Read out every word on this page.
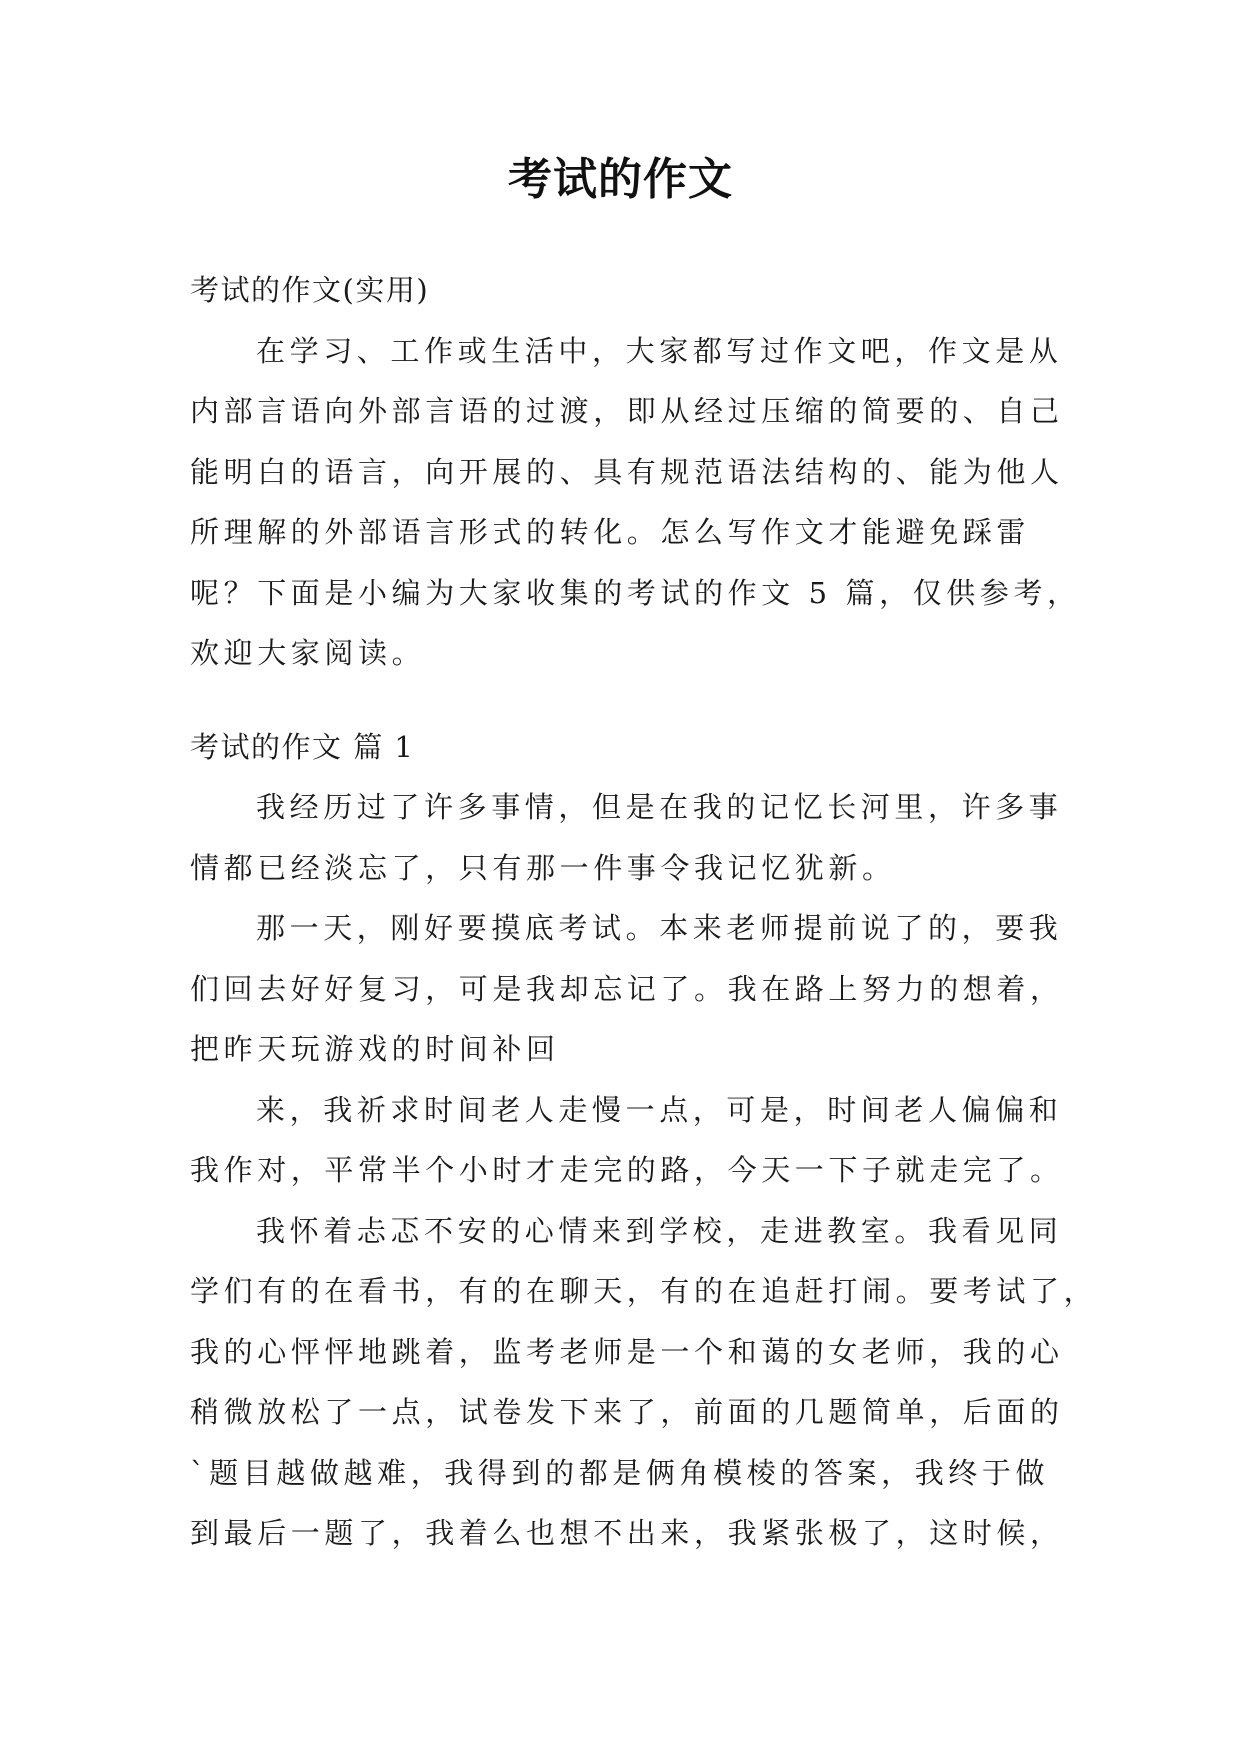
考试的作文
考试的作文(实用)
在学习、工作或生活中，大家都写过作文吧，作文是从
内部言语向外部言语的过渡，即从经过压缩的简要的、自己
能明白的语言，向开展的、具有规范语法结构的、能为他人
所理解的外部语言形式的转化。怎么写作文才能避免踩雷
呢？下面是小编为大家收集的考试的作文 5 篇，仅供参考，
欢迎大家阅读。
考试的作文 篇 1
我经历过了许多事情，但是在我的记忆长河里，许多事
情都已经淡忘了，只有那一件事令我记忆犹新。
那一天，刚好要摸底考试。本来老师提前说了的，要我
们回去好好复习，可是我却忘记了。我在路上努力的想着，
把昨天玩游戏的时间补回
来，我祈求时间老人走慢一点，可是，时间老人偏偏和
我作对，平常半个小时才走完的路，今天一下子就走完了。
我怀着忐忑不安的心情来到学校，走进教室。我看见同
学们有的在看书，有的在聊天，有的在追赶打闹。要考试了，
我的心怦怦地跳着，监考老师是一个和蔼的女老师，我的心
稍微放松了一点，试卷发下来了，前面的几题简单，后面的
`题目越做越难，我得到的都是俩角模棱的答案，我终于做
到最后一题了，我着么也想不出来，我紧张极了，这时候，
